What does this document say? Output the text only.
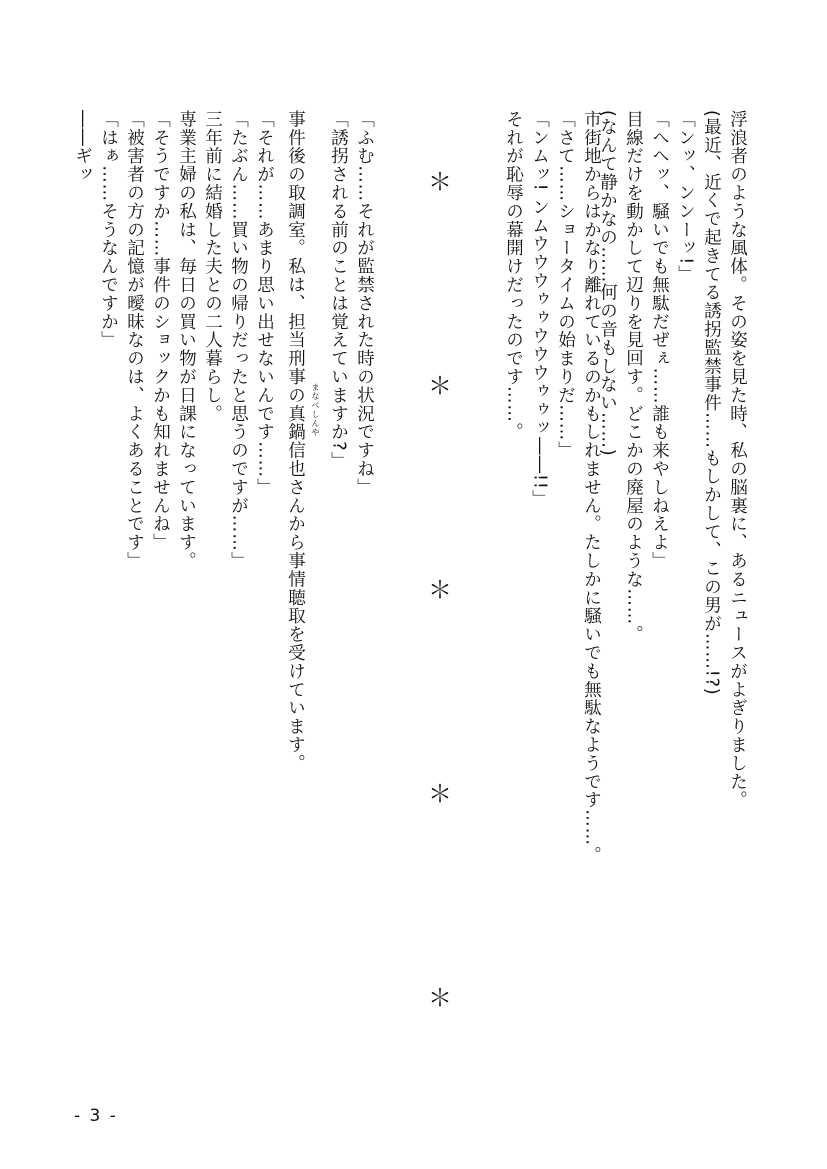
浮浪者のような風体。その姿を見た時、私の脳裏に、あるニュースがよぎりました。
(最近、近くで起きてる誘拐監禁事件……もしかして、この男が……!?)
「ンッ、ンンーッ!」
「へへッ、騒いでも無駄だぜぇ……誰も来やしねえよ」
目線だけを動かして辺りを見回す。どこかの廃屋のような……。
(なんて静かなの……何の音もしない……)
市街地からはかなり離れているのかもしれません。たしかに騒いでも無駄なようです……。
「さて……ショータイムの始まりだ……」
「ンムッ! ンムウウウゥゥウウウゥゥッ――!!」
それが恥辱の幕開けだったのです……。
＊
＊
＊
＊
＊
「ふむ……それが監禁された時の状況ですね」
「誘拐される前のことは覚えていますか?」
まなべしんや
事件後の取調室。私は、担当刑事の真鍋信也さんから事情聴取を受けています。
「それが……あまり思い出せないんです……」
「たぶん……買い物の帰りだったと思うのですが……」
三年前に結婚した夫との二人暮らし。
専業主婦の私は、毎日の買い物が日課になっています。
「そうですか……事件のショックかも知れませんね」
「被害者の方の記憶が曖昧なのは、よくあることです」
「はぁ……そうなんですか」
――ギッ
- 3 -
